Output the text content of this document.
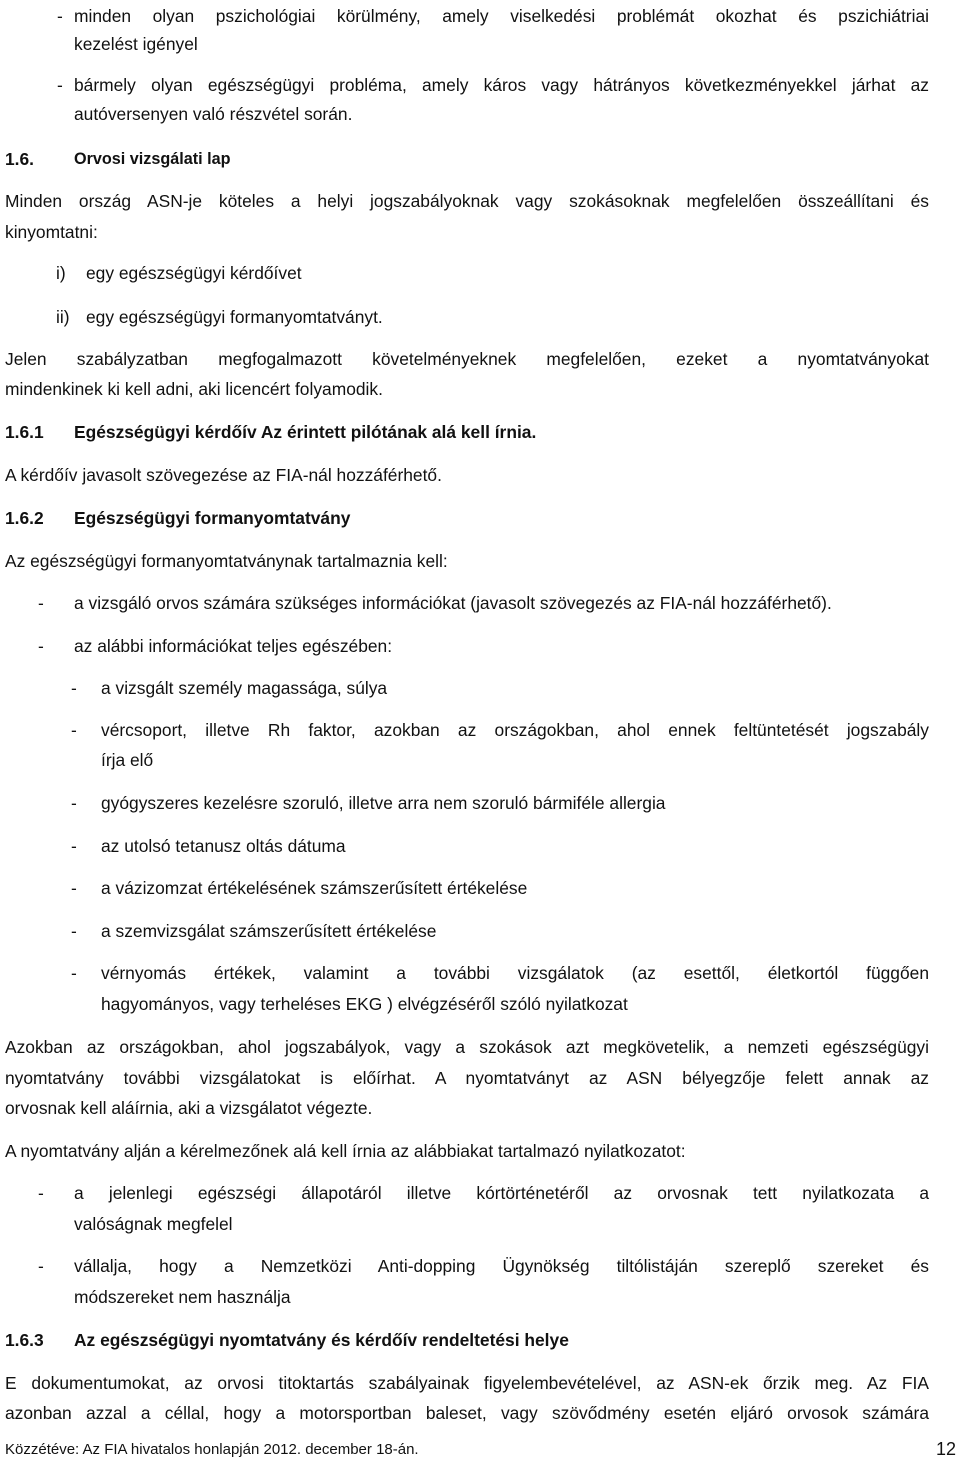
- minden olyan pszichológiai körülmény, amely viselkedési problémát okozhat és pszichiátriai
kezelést igényel
- bármely olyan egészségügyi probléma, amely káros vagy hátrányos következményekkel járhat az
autóversenyen való részvétel során.
1.6. Orvosi vizsgálati lap
Minden ország ASN-je köteles a helyi jogszabályoknak vagy szokásoknak megfelelően összeállítani és
kinyomtatni:
i) egy egészségügyi kérdőívet
ii) egy egészségügyi formanyomtatványt.
Jelen szabályzatban megfogalmazott követelményeknek megfelelően, ezeket a nyomtatványokat
mindenkinek ki kell adni, aki licencért folyamodik.
1.6.1 Egészségügyi kérdőív Az érintett pilótának alá kell írnia.
A kérdőív javasolt szövegezése az FIA-nál hozzáférhető.
1.6.2 Egészségügyi formanyomtatvány
Az egészségügyi formanyomtatványnak tartalmaznia kell:
- a vizsgáló orvos számára szükséges információkat (javasolt szövegezés az FIA-nál hozzáférhető).
- az alábbi információkat teljes egészében:
- a vizsgált személy magassága, súlya
- vércsoport, illetve Rh faktor, azokban az országokban, ahol ennek feltüntetését jogszabály
írja elő
- gyógyszeres kezelésre szoruló, illetve arra nem szoruló bármiféle allergia
- az utolsó tetanusz oltás dátuma
- a vázizomzat értékelésének számszerűsített értékelése
- a szemvizsgálat számszerűsített értékelése
- vérnyomás értékek, valamint a további vizsgálatok (az esettől, életkortól függően
hagyományos, vagy terheléses EKG ) elvégzéséről szóló nyilatkozat
Azokban az országokban, ahol jogszabályok, vagy a szokások azt megkövetelik, a nemzeti egészségügyi
nyomtatvány további vizsgálatokat is előírhat. A nyomtatványt az ASN bélyegzője felett annak az
orvosnak kell aláírnia, aki a vizsgálatot végezte.
A nyomtatvány alján a kérelmezőnek alá kell írnia az alábbiakat tartalmazó nyilatkozatot:
- a jelenlegi egészségi állapotáról illetve kórtörténetéről az orvosnak tett nyilatkozata a
valóságnak megfelel
- vállalja, hogy a Nemzetközi Anti-dopping Ügynökség tiltólistáján szereplő szereket és
módszereket nem használja
1.6.3 Az egészségügyi nyomtatvány és kérdőív rendeltetési helye
E dokumentumokat, az orvosi titoktartás szabályainak figyelembevételével, az ASN-ek őrzik meg. Az FIA
azonban azzal a céllal, hogy a motorsportban baleset, vagy szövődmény esetén eljáró orvosok számára
Közzétéve: Az FIA hivatalos honlapján 2012. december 18-án.	12
